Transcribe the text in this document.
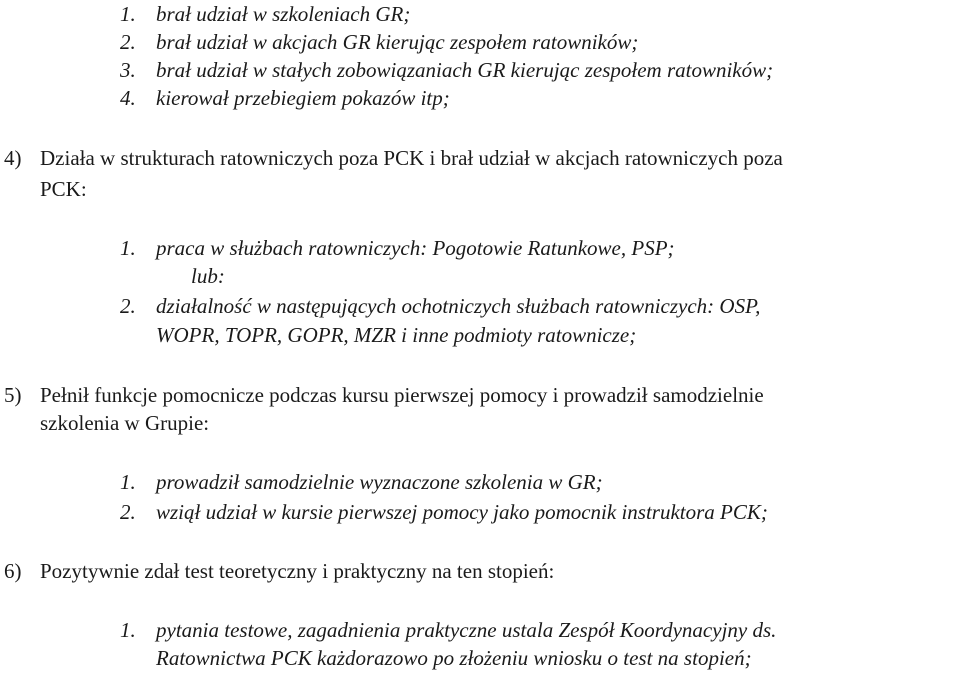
1. brał udział w szkoleniach GR;
2. brał udział w akcjach GR kierując zespołem ratowników;
3. brał udział w stałych zobowiązaniach GR kierując zespołem ratowników;
4. kierował przebiegiem pokazów itp;
4) Działa w strukturach ratowniczych poza PCK i brał udział w akcjach ratowniczych poza
PCK:
1. praca w służbach ratowniczych: Pogotowie Ratunkowe, PSP;
lub:
2. działalność w następujących ochotniczych służbach ratowniczych: OSP,
WOPR, TOPR, GOPR, MZR i inne podmioty ratownicze;
5) Pełnił funkcje pomocnicze podczas kursu pierwszej pomocy i prowadził samodzielnie
szkolenia w Grupie:
1. prowadził samodzielnie wyznaczone szkolenia w GR;
2. wziął udział w kursie pierwszej pomocy jako pomocnik instruktora PCK;
6) Pozytywnie zdał test teoretyczny i praktyczny na ten stopień:
1. pytania testowe, zagadnienia praktyczne ustala Zespół Koordynacyjny ds.
Ratownictwa PCK każdorazowo po złożeniu wniosku o test na stopień;
